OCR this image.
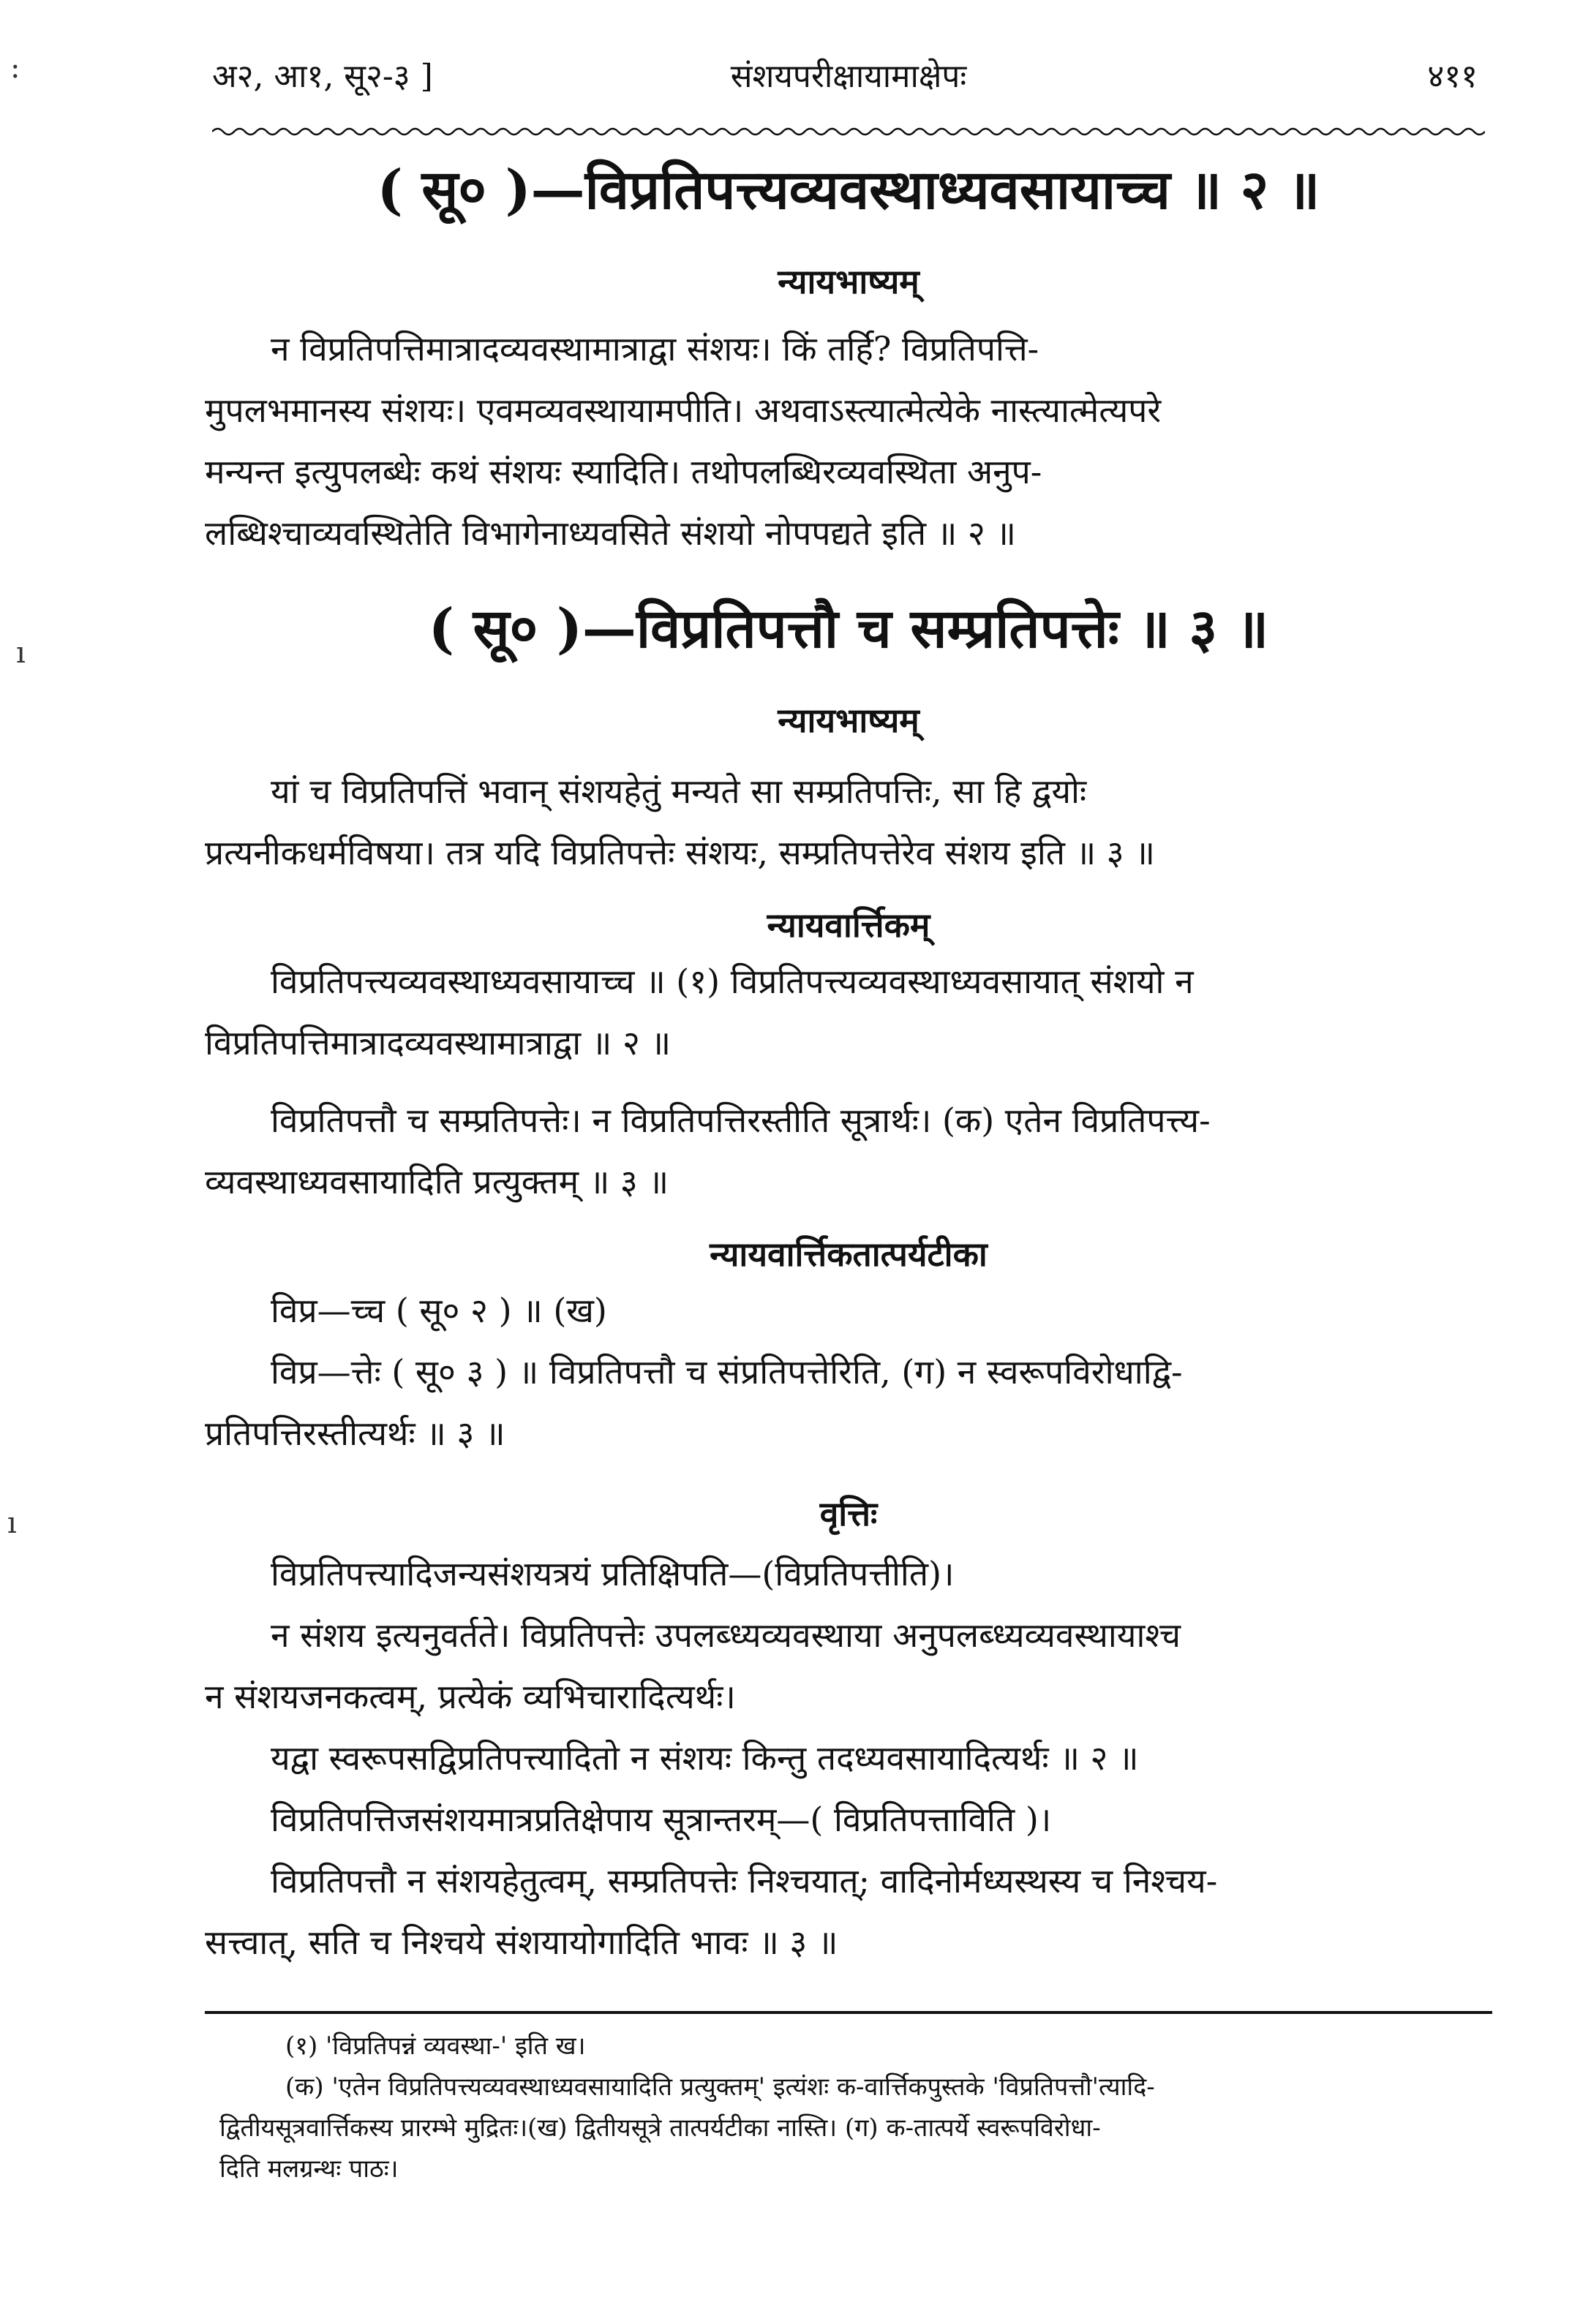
:
ı
ı
अ२, आ१, सू२-३ ]	संशयपरीक्षायामाक्षेपः	४११
( सू० )—विप्रतिपत्त्यव्यवस्थाध्यवसायाच्च ॥ २ ॥
न्यायभाष्यम्
न विप्रतिपत्तिमात्रादव्यवस्थामात्राद्वा संशयः। किं तर्हि? विप्रतिपत्ति-
मुपलभमानस्य संशयः। एवमव्यवस्थायामपीति। अथवाऽस्त्यात्मेत्येके नास्त्यात्मेत्यपरे
मन्यन्त इत्युपलब्धेः कथं संशयः स्यादिति। तथोपलब्धिरव्यवस्थिता अनुप-
लब्धिश्चाव्यवस्थितेति विभागेनाध्यवसिते संशयो नोपपद्यते इति ॥ २ ॥
( सू० )—विप्रतिपत्तौ च सम्प्रतिपत्तेः ॥ ३ ॥
न्यायभाष्यम्
यां च विप्रतिपत्तिं भवान् संशयहेतुं मन्यते सा सम्प्रतिपत्तिः, सा हि द्वयोः
प्रत्यनीकधर्मविषया। तत्र यदि विप्रतिपत्तेः संशयः, सम्प्रतिपत्तेरेव संशय इति ॥ ३ ॥
न्यायवार्त्तिकम्
विप्रतिपत्त्यव्यवस्थाध्यवसायाच्च ॥ (१) विप्रतिपत्त्यव्यवस्थाध्यवसायात् संशयो न
विप्रतिपत्तिमात्रादव्यवस्थामात्राद्वा ॥ २ ॥
विप्रतिपत्तौ च सम्प्रतिपत्तेः। न विप्रतिपत्तिरस्तीति सूत्रार्थः। (क) एतेन विप्रतिपत्त्य-
व्यवस्थाध्यवसायादिति प्रत्युक्तम् ॥ ३ ॥
न्यायवार्त्तिकतात्पर्यटीका
विप्र—च्च ( सू० २ ) ॥ (ख)
विप्र—त्तेः ( सू० ३ ) ॥ विप्रतिपत्तौ च संप्रतिपत्तेरिति, (ग) न स्वरूपविरोधाद्वि-
प्रतिपत्तिरस्तीत्यर्थः ॥ ३ ॥
वृत्तिः
विप्रतिपत्त्यादिजन्यसंशयत्रयं प्रतिक्षिपति—(विप्रतिपत्तीति)।
न संशय इत्यनुवर्तते। विप्रतिपत्तेः उपलब्ध्यव्यवस्थाया अनुपलब्ध्यव्यवस्थायाश्च
न संशयजनकत्वम्, प्रत्येकं व्यभिचारादित्यर्थः।
यद्वा स्वरूपसद्विप्रतिपत्त्यादितो न संशयः किन्तु तदध्यवसायादित्यर्थः ॥ २ ॥
विप्रतिपत्तिजसंशयमात्रप्रतिक्षेपाय सूत्रान्तरम्—( विप्रतिपत्ताविति )।
विप्रतिपत्तौ न संशयहेतुत्वम्, सम्प्रतिपत्तेः निश्चयात्; वादिनोर्मध्यस्थस्य च निश्चय-
सत्त्वात्, सति च निश्चये संशयायोगादिति भावः ॥ ३ ॥
(१) 'विप्रतिपन्नं व्यवस्था-' इति ख।
(क) 'एतेन विप्रतिपत्त्यव्यवस्थाध्यवसायादिति प्रत्युक्तम्' इत्यंशः क-वार्त्तिकपुस्तके 'विप्रतिपत्तौ'त्यादि-
द्वितीयसूत्रवार्त्तिकस्य प्रारम्भे मुद्रितः।(ख) द्वितीयसूत्रे तात्पर्यटीका नास्ति। (ग) क-तात्पर्ये स्वरूपविरोधा-
दिति मलग्रन्थः पाठः।
